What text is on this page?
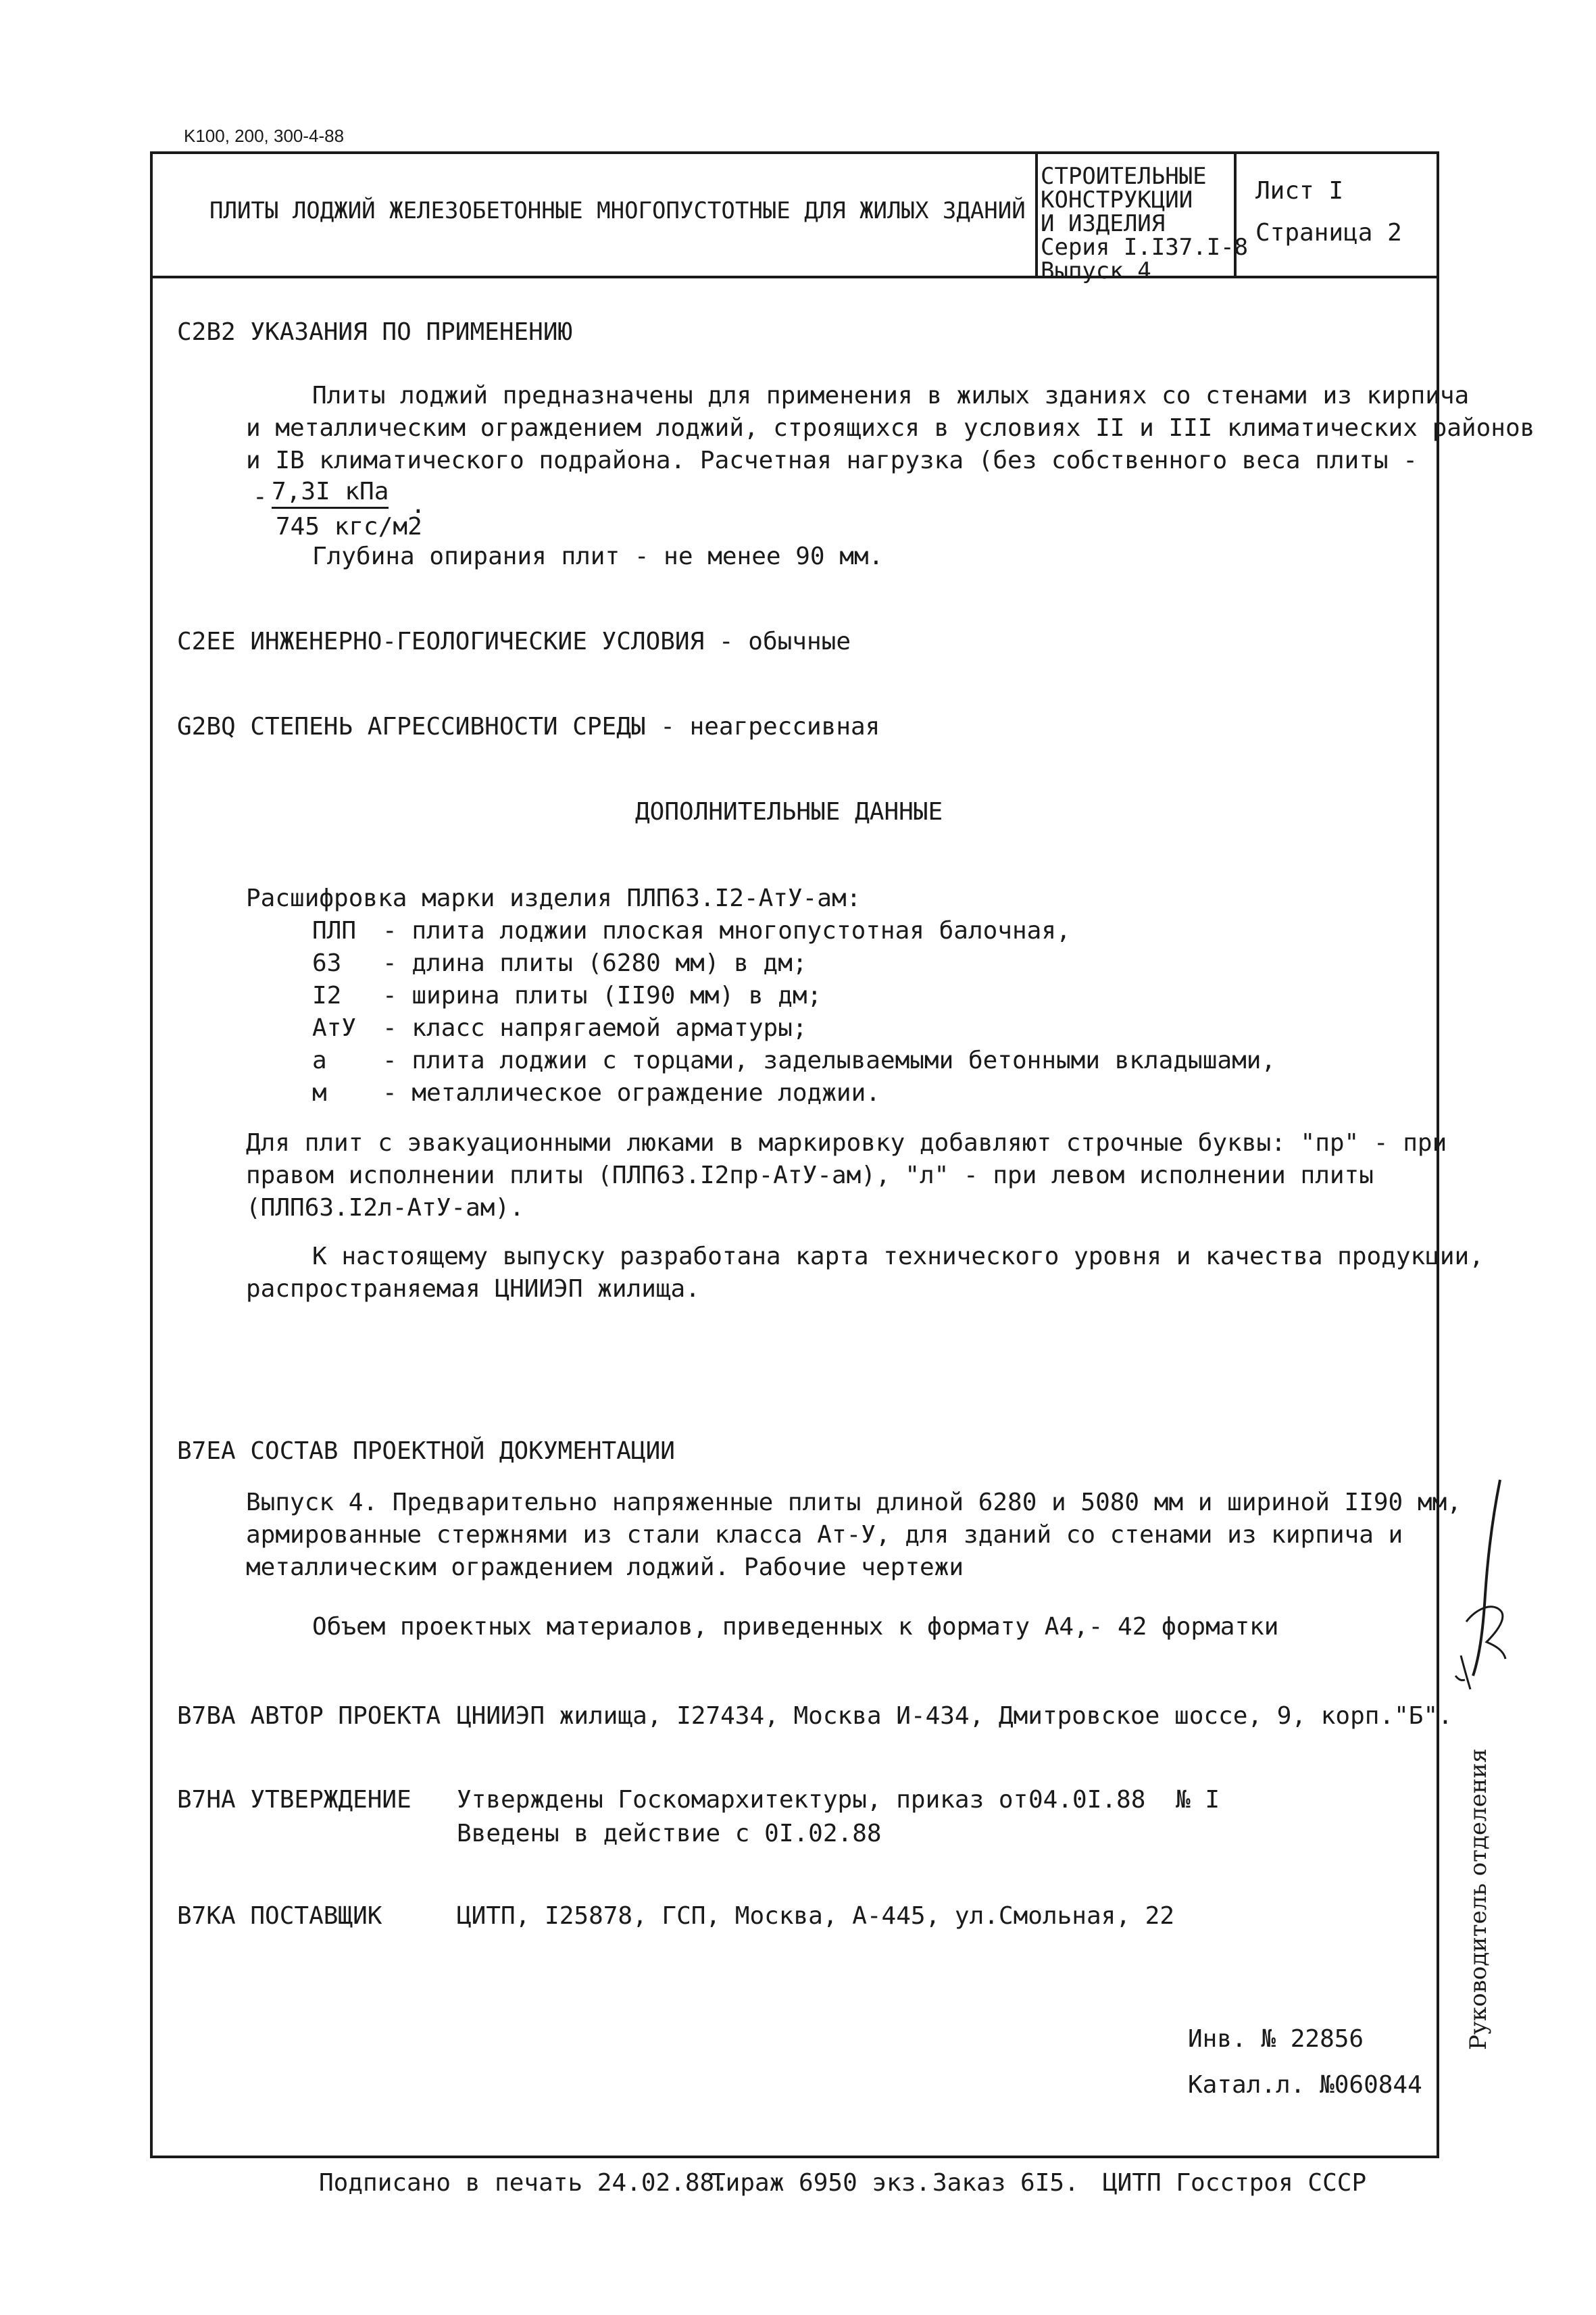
K100, 200, 300-4-88
ПЛИТЫ ЛОДЖИЙ ЖЕЛЕЗОБЕТОННЫЕ МНОГОПУСТОТНЫЕ ДЛЯ ЖИЛЫХ ЗДАНИЙ
СТРОИТЕЛЬНЫЕ
КОНСТРУКЦИИ
И ИЗДЕЛИЯ
Серия I.I37.I-8
Выпуск 4
Лист I
Страница 2
С2В2 УКАЗАНИЯ ПО ПРИМЕНЕНИЮ
Плиты лоджий предназначены для применения в жилых зданиях со стенами из кирпича
и металлическим ограждением лоджий, строящихся в условиях II и III климатических районов
и IВ климатического подрайона. Расчетная нагрузка (без собственного веса плиты -
- 7,3I кПа .
745 кгс/м2
Глубина опирания плит - не менее 90 мм.
С2ЕЕ ИНЖЕНЕРНО-ГЕОЛОГИЧЕСКИЕ УСЛОВИЯ - обычные
G2BQ СТЕПЕНЬ АГРЕССИВНОСТИ СРЕДЫ - неагрессивная
ДОПОЛНИТЕЛЬНЫЕ ДАННЫЕ
Расшифровка марки изделия ПЛП63.I2-АтУ-ам:
ПЛП - плита лоджии плоская многопустотная балочная,
63 - длина плиты (6280 мм) в дм;
I2 - ширина плиты (II90 мм) в дм;
АтУ - класс напрягаемой арматуры;
а - плита лоджии с торцами, заделываемыми бетонными вкладышами,
м - металлическое ограждение лоджии.
Для плит с эвакуационными люками в маркировку добавляют строчные буквы: "пр" - при
правом исполнении плиты (ПЛП63.I2пр-АтУ-ам), "л" - при левом исполнении плиты
(ПЛП63.I2л-АтУ-ам).
К настоящему выпуску разработана карта технического уровня и качества продукции,
распространяемая ЦНИИЭП жилища.
В7ЕА СОСТАВ ПРОЕКТНОЙ ДОКУМЕНТАЦИИ
Выпуск 4. Предварительно напряженные плиты длиной 6280 и 5080 мм и шириной II90 мм,
армированные стержнями из стали класса Ат-У, для зданий со стенами из кирпича и
металлическим ограждением лоджий. Рабочие чертежи
Объем проектных материалов, приведенных к формату А4,- 42 форматки
В7ВА АВТОР ПРОЕКТА ЦНИИЭП жилища, I27434, Москва И-434, Дмитровское шоссе, 9, корп."Б".
В7НА УТВЕРЖДЕНИЕ Утверждены Госкомархитектуры, приказ от 04.0I.88 № I
Введены в действие с 0I.02.88
В7КА ПОСТАВЩИК	ЦИТП, I25878, ГСП, Москва, А-445, ул.Смольная, 22
Инв. № 22856
Катал.л. №060844
Руководитель отделения
Подписано в печать 24.02.88.
Тираж 6950 экз. Заказ 6I5. ЦИТП Госстроя СССР
